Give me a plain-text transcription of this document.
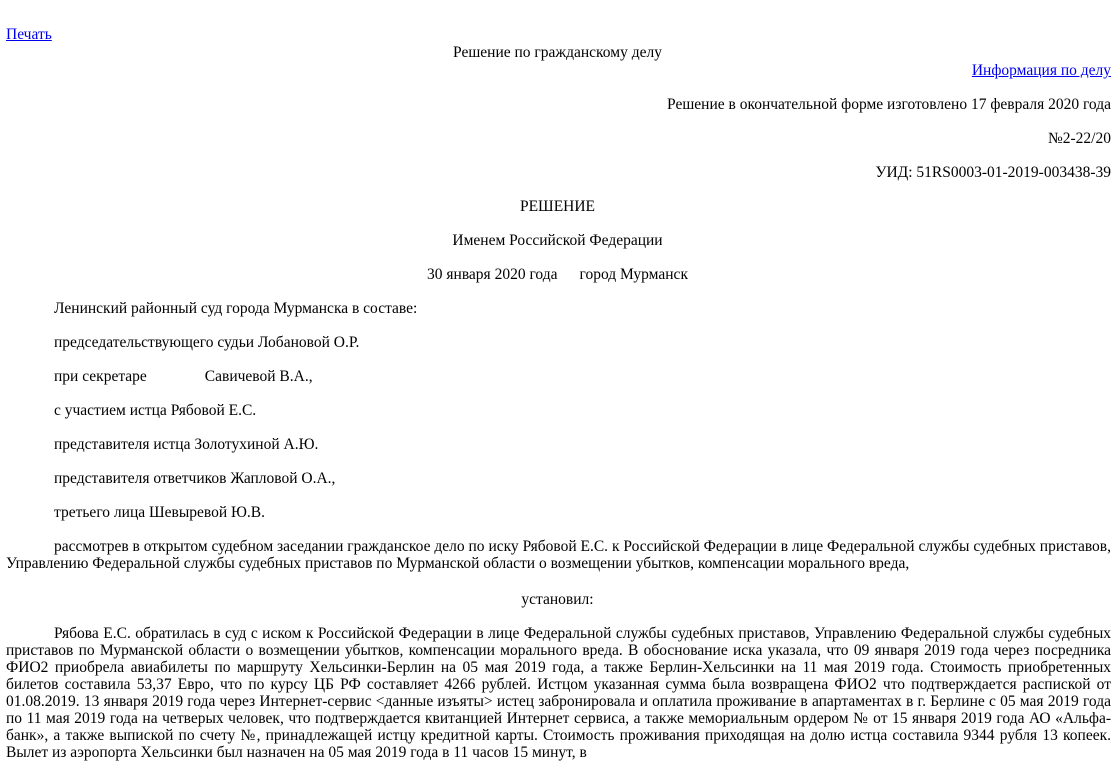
Печать
Решение по гражданскому делу
Информация по делу
Решение в окончательной форме изготовлено 17 февраля 2020 года
№2-22/20
УИД: 51RS0003-01-2019-003438-39
РЕШЕНИЕ
Именем Российской Федерации
30 января 2020 года город Мурманск
Ленинский районный суд города Мурманска в составе:
председательствующего судьи Лобановой О.Р.
при секретаре	Савичевой В.А.,
с участием истца Рябовой Е.С.
представителя истца Золотухиной А.Ю.
представителя ответчиков Жапловой О.А.,
третьего лица Шевыревой Ю.В.
рассмотрев в открытом судебном заседании гражданское дело по иску Рябовой Е.С. к Российской Федерации в лице Федеральной службы судебных приставов, Управлению Федеральной службы судебных приставов по Мурманской области о возмещении убытков, компенсации морального вреда,
установил:
Рябова Е.С. обратилась в суд с иском к Российской Федерации в лице Федеральной службы судебных приставов, Управлению Федеральной службы судебных приставов по Мурманской области о возмещении убытков, компенсации морального вреда. В обоснование иска указала, что 09 января 2019 года через посредника ФИО2 приобрела авиабилеты по маршруту Хельсинки-Берлин на 05 мая 2019 года, а также Берлин-Хельсинки на 11 мая 2019 года. Стоимость приобретенных билетов составила 53,37 Евро, что по курсу ЦБ РФ составляет 4266 рублей. Истцом указанная сумма была возвращена ФИО2 что подтверждается распиской от 01.08.2019. 13 января 2019 года через Интернет-сервис <данные изъяты> истец забронировала и оплатила проживание в апартаментах в г. Берлине с 05 мая 2019 года по 11 мая 2019 года на четверых человек, что подтверждается квитанцией Интернет сервиса, а также мемориальным ордером № от 15 января 2019 года АО «Альфа-банк», а также выпиской по счету №, принадлежащей истцу кредитной карты. Стоимость проживания приходящая на долю истца составила 9344 рубля 13 копеек. Вылет из аэропорта Хельсинки был назначен на 05 мая 2019 года в 11 часов 15 минут, в
